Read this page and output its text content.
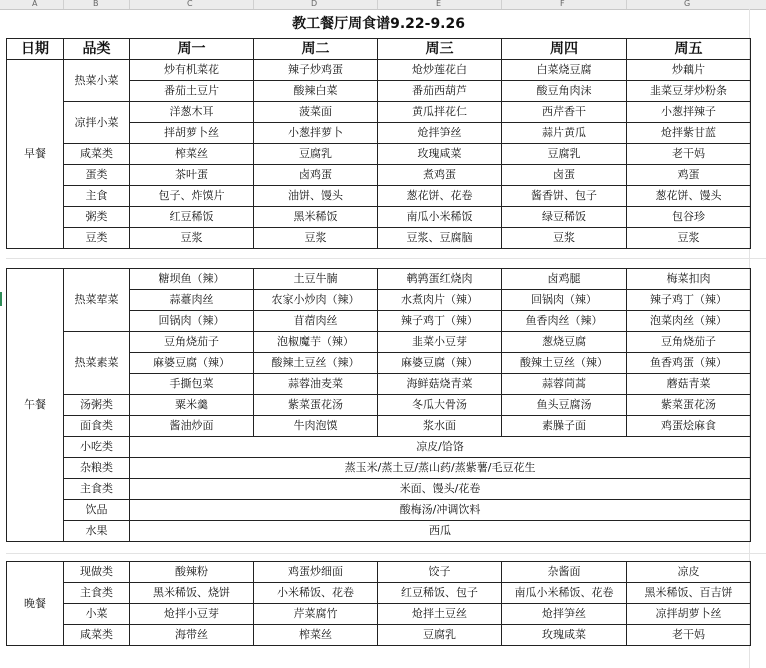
A	B	C	D	E	F	G
教工餐厅周食谱9.22-9.26						
日期	品类	周一	周二	周三	周四	周五
早餐	热菜小菜	炒有机菜花	辣子炒鸡蛋	炝炒莲花白	白菜烧豆腐	炒藕片
		番茄土豆片	酸辣白菜	番茄西葫芦	酸豆角肉沫	韭菜豆芽炒粉条
	凉拌小菜	洋葱木耳	菠菜面	黄瓜拌花仁	西芹香干	小葱拌辣子
		拌胡萝卜丝	小葱拌萝卜	炝拌笋丝	蒜片黄瓜	炝拌紫甘蓝
	咸菜类	榨菜丝	豆腐乳	玫瑰咸菜	豆腐乳	老干妈
	蛋类	茶叶蛋	卤鸡蛋	煮鸡蛋	卤蛋	鸡蛋
	主食	包子、炸馍片	油饼、馒头	葱花饼、花卷	酱香饼、包子	葱花饼、馒头
	粥类	红豆稀饭	黑米稀饭	南瓜小米稀饭	绿豆稀饭	包谷珍
	豆类	豆浆	豆浆	豆浆、豆腐脑	豆浆	豆浆

午餐	热菜荤菜	糖坝鱼（辣）	土豆牛腩	鹌鹑蛋红烧肉	卤鸡腿	梅菜扣肉
		蒜薹肉丝	农家小炒肉（辣）	水煮肉片（辣）	回锅肉（辣）	辣子鸡丁（辣）
		回锅肉（辣）	苜蓿肉丝	辣子鸡丁（辣）	鱼香肉丝（辣）	泡菜肉丝（辣）
	热菜素菜	豆角烧茄子	泡椒魔芋（辣）	韭菜小豆芽	葱烧豆腐	豆角烧茄子
		麻婆豆腐（辣）	酸辣土豆丝（辣）	麻婆豆腐（辣）	酸辣土豆丝（辣）	鱼香鸡蛋（辣）
		手撕包菜	蒜蓉油麦菜	海鲜菇烧青菜	蒜蓉茼蒿	蘑菇青菜
	汤粥类	粟米羹	紫菜蛋花汤	冬瓜大骨汤	鱼头豆腐汤	紫菜蛋花汤
	面食类	酱油炒面	牛肉泡馍	浆水面	素臊子面	鸡蛋烩麻食
	小吃类	凉皮/饸饹				
	杂粮类	蒸玉米/蒸土豆/蒸山药/蒸紫薯/毛豆花生				
	主食类	米面、馒头/花卷				
	饮品	酸梅汤/冲调饮料				
	水果	西瓜				

晚餐	现做类	酸辣粉	鸡蛋炒细面	饺子	杂酱面	凉皮
	主食类	黑米稀饭、烧饼	小米稀饭、花卷	红豆稀饭、包子	南瓜小米稀饭、花卷	黑米稀饭、百吉饼
	小菜	炝拌小豆芽	芹菜腐竹	炝拌土豆丝	炝拌笋丝	凉拌胡萝卜丝
	咸菜类	海带丝	榨菜丝	豆腐乳	玫瑰咸菜	老干妈
